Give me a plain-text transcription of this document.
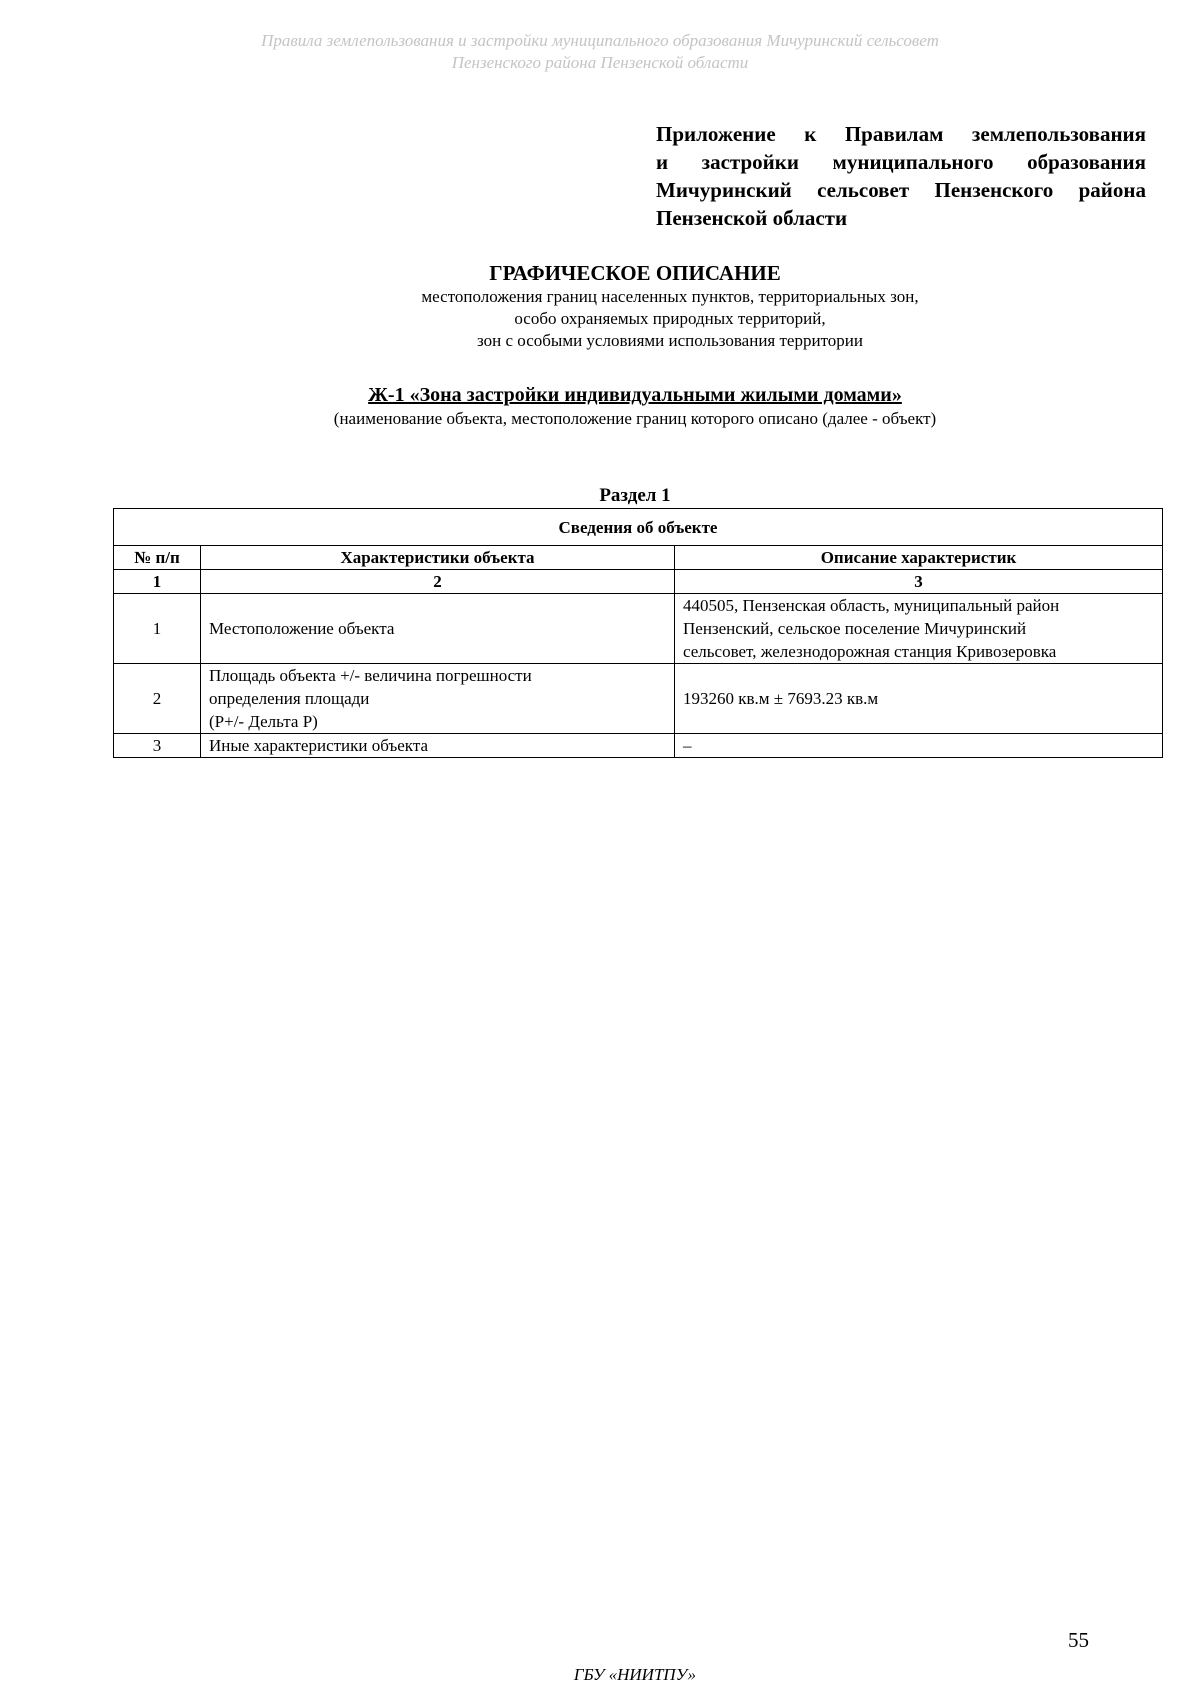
Правила землепользования и застройки муниципального образования Мичуринский сельсовет
Пензенского района Пензенской области
Приложение к Правилам землепользования
и застройки муниципального образования
Мичуринский сельсовет Пензенского района
Пензенской области
ГРАФИЧЕСКОЕ ОПИСАНИЕ
местоположения границ населенных пунктов, территориальных зон,
особо охраняемых природных территорий,
зон с особыми условиями использования территории
Ж-1 «Зона застройки индивидуальными жилыми домами»
(наименование объекта, местоположение границ которого описано (далее - объект)
Раздел 1
Сведения об объекте		
№ п/п	Характеристики объекта	Описание характеристик
1	2	3
1	Местоположение объекта	440505, Пензенская область, муниципальный район
Пензенский, сельское поселение Мичуринский
сельсовет, железнодорожная станция Кривозеровка

2	Площадь объекта +/- величина погрешности
определения площади
(P+/- Дельта P)	193260 кв.м ± 7693.23 кв.м

3	Иные характеристики объекта	–
55
ГБУ «НИИТПУ»
